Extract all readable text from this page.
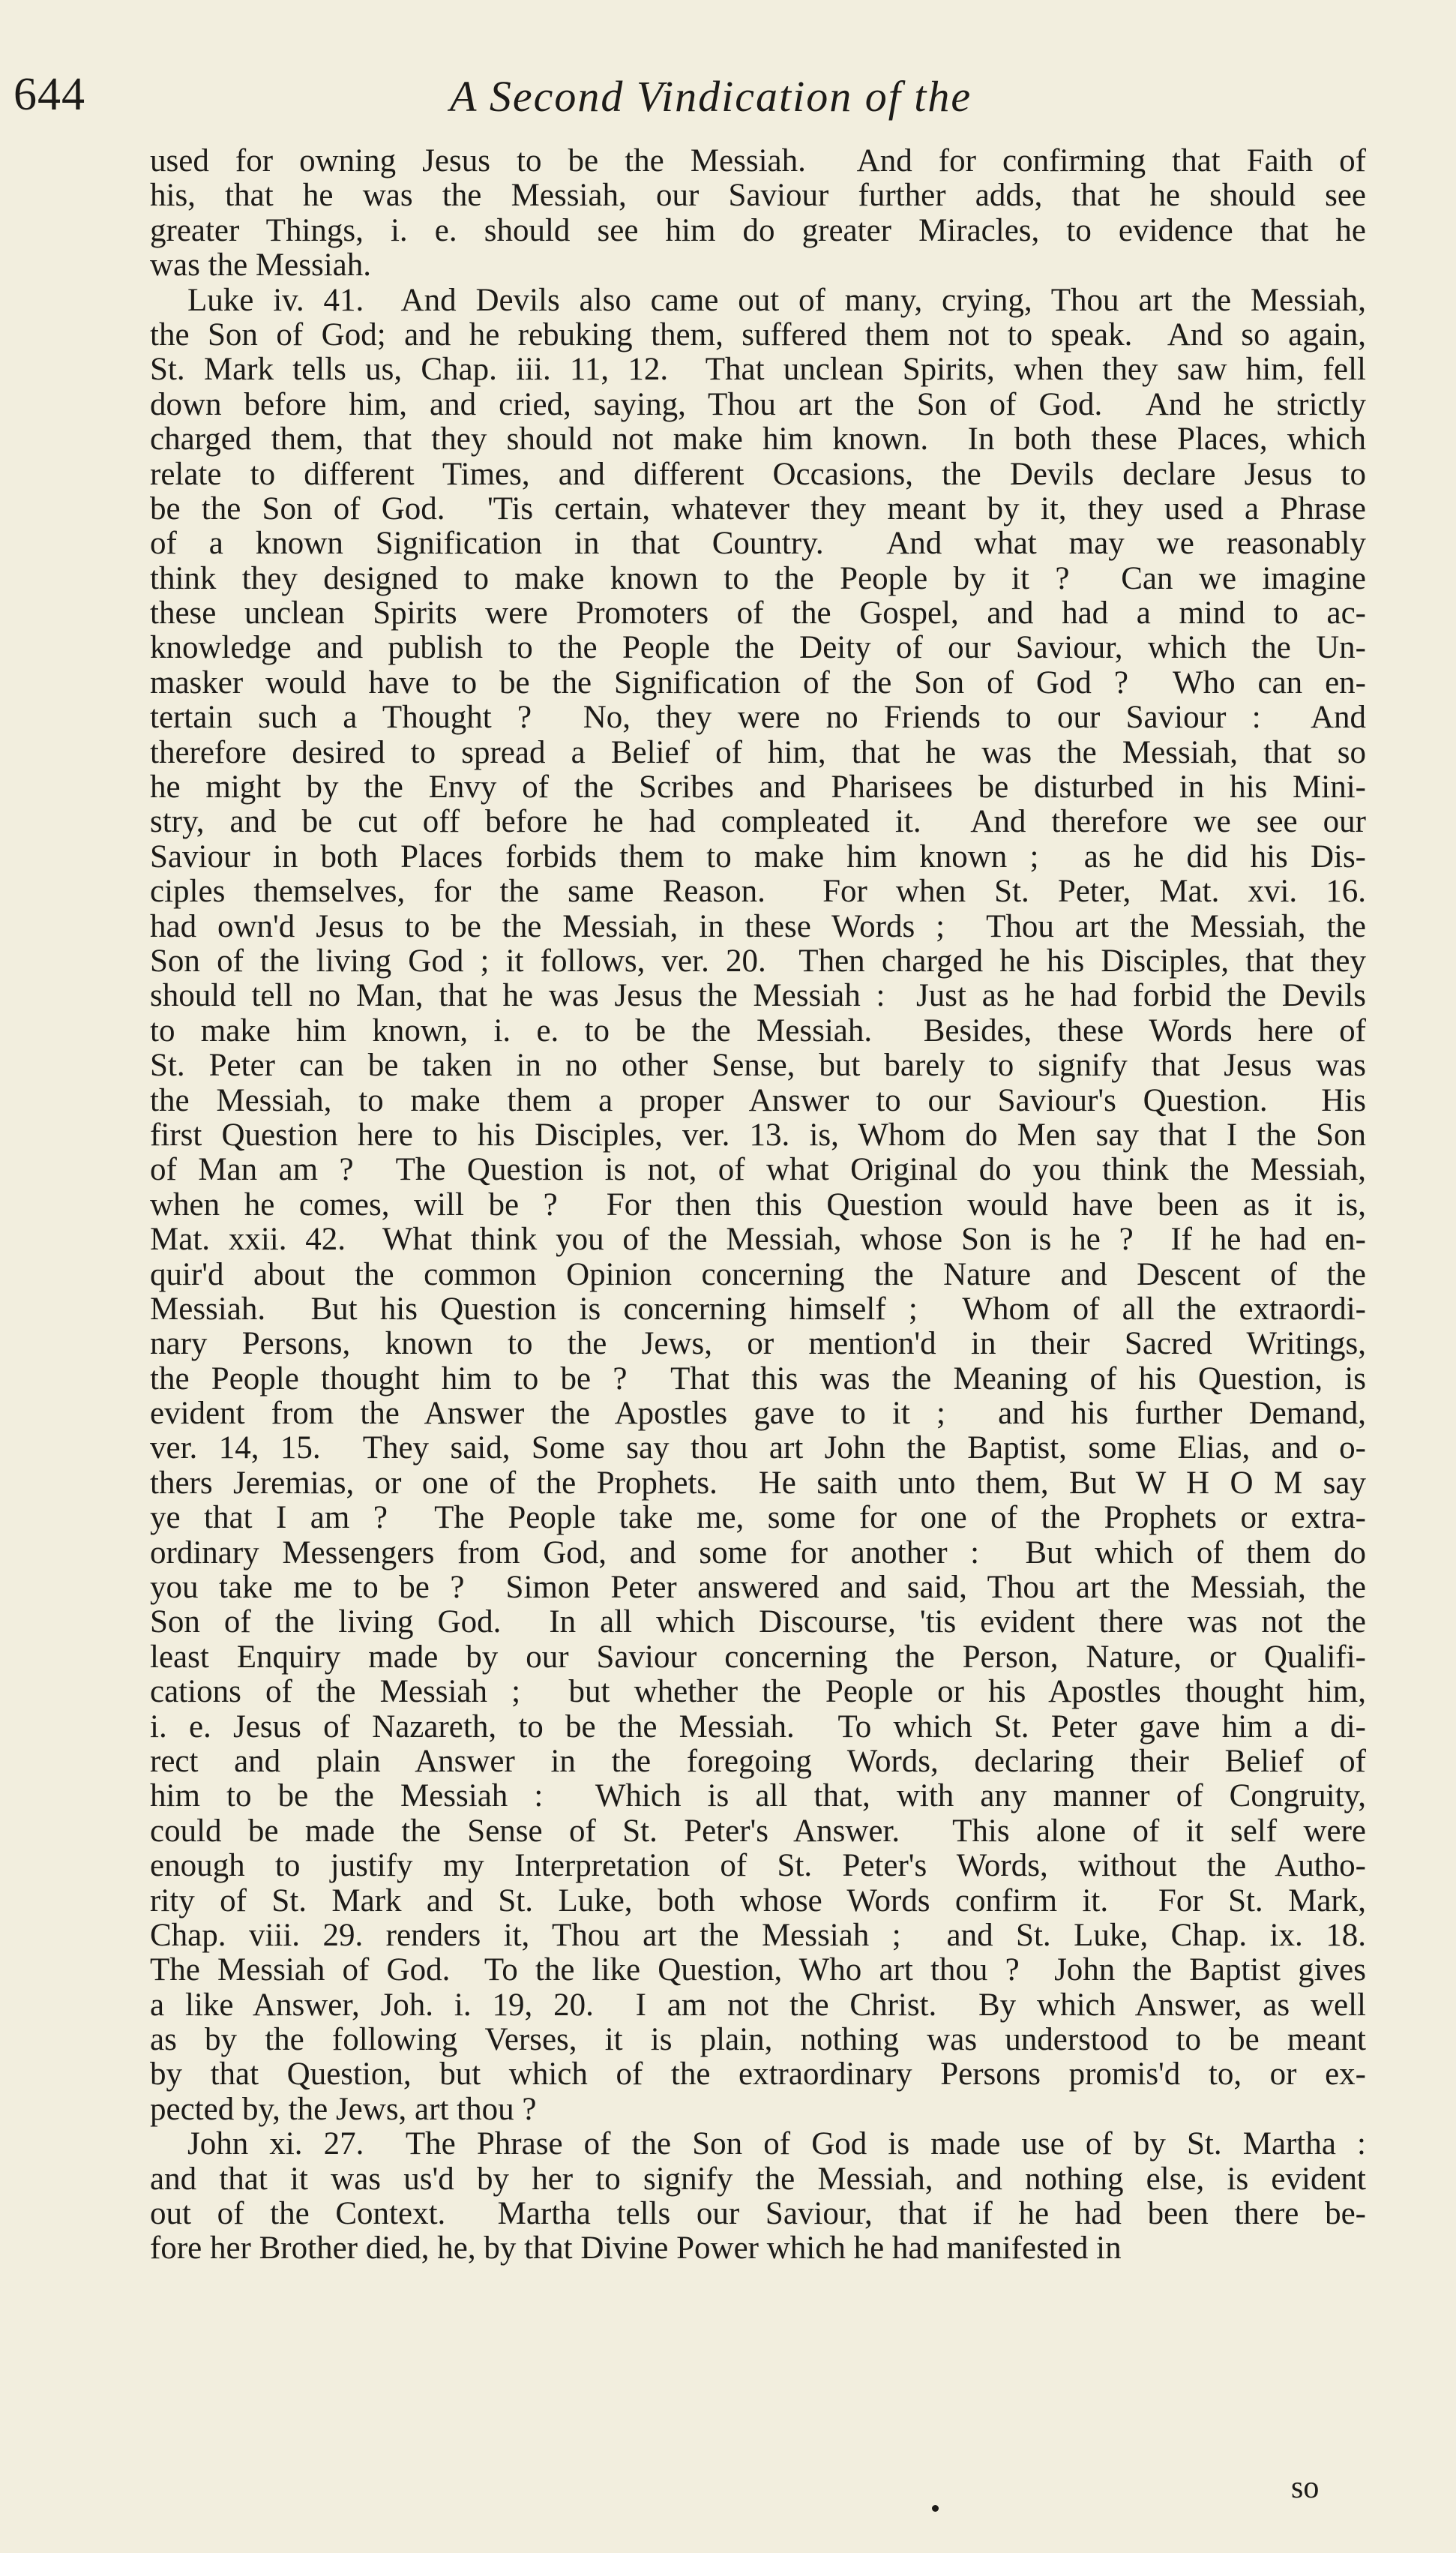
644	A Second Vindication of the
used for owning Jesus to be the Messiah.  And for confirming that Faith of
his, that he was the Messiah, our Saviour further adds, that he should see
greater Things, i. e. should see him do greater Miracles, to evidence that he
was the Messiah.
Luke iv. 41.  And Devils also came out of many, crying, Thou art the Messiah,
the Son of God; and he rebuking them, suffered them not to speak.  And so again,
St. Mark tells us, Chap. iii. 11, 12.  That unclean Spirits, when they saw him, fell
down before him, and cried, saying, Thou art the Son of God.  And he strictly
charged them, that they should not make him known.  In both these Places, which
relate to different Times, and different Occasions, the Devils declare Jesus to
be the Son of God.  'Tis certain, whatever they meant by it, they used a Phrase
of a known Signification in that Country.  And what may we reasonably
think they designed to make known to the People by it ?  Can we imagine
these unclean Spirits were Promoters of the Gospel, and had a mind to ac-
knowledge and publish to the People the Deity of our Saviour, which the Un-
masker would have to be the Signification of the Son of God ?  Who can en-
tertain such a Thought ?  No, they were no Friends to our Saviour :  And
therefore desired to spread a Belief of him, that he was the Messiah, that so
he might by the Envy of the Scribes and Pharisees be disturbed in his Mini-
stry, and be cut off before he had compleated it.  And therefore we see our
Saviour in both Places forbids them to make him known ;  as he did his Dis-
ciples themselves, for the same Reason.  For when St. Peter, Mat. xvi. 16.
had own'd Jesus to be the Messiah, in these Words ;  Thou art the Messiah, the
Son of the living God ; it follows, ver. 20.  Then charged he his Disciples, that they
should tell no Man, that he was Jesus the Messiah :  Just as he had forbid the Devils
to make him known, i. e. to be the Messiah.  Besides, these Words here of
St. Peter can be taken in no other Sense, but barely to signify that Jesus was
the Messiah, to make them a proper Answer to our Saviour's Question.  His
first Question here to his Disciples, ver. 13. is, Whom do Men say that I the Son
of Man am ?  The Question is not, of what Original do you think the Messiah,
when he comes, will be ?  For then this Question would have been as it is,
Mat. xxii. 42.  What think you of the Messiah, whose Son is he ?  If he had en-
quir'd about the common Opinion concerning the Nature and Descent of the
Messiah.  But his Question is concerning himself ;  Whom of all the extraordi-
nary Persons, known to the Jews, or mention'd in their Sacred Writings,
the People thought him to be ?  That this was the Meaning of his Question, is
evident from the Answer the Apostles gave to it ;  and his further Demand,
ver. 14, 15.  They said, Some say thou art John the Baptist, some Elias, and o-
thers Jeremias, or one of the Prophets.  He saith unto them, But W H O M say
ye that I am ?  The People take me, some for one of the Prophets or extra-
ordinary Messengers from God, and some for another :  But which of them do
you take me to be ?  Simon Peter answered and said, Thou art the Messiah, the
Son of the living God.  In all which Discourse, 'tis evident there was not the
least Enquiry made by our Saviour concerning the Person, Nature, or Qualifi-
cations of the Messiah ;  but whether the People or his Apostles thought him,
i. e. Jesus of Nazareth, to be the Messiah.  To which St. Peter gave him a di-
rect and plain Answer in the foregoing Words, declaring their Belief of
him to be the Messiah :  Which is all that, with any manner of Congruity,
could be made the Sense of St. Peter's Answer.  This alone of it self were
enough to justify my Interpretation of St. Peter's Words, without the Autho-
rity of St. Mark and St. Luke, both whose Words confirm it.  For St. Mark,
Chap. viii. 29. renders it, Thou art the Messiah ;  and St. Luke, Chap. ix. 18.
The Messiah of God.  To the like Question, Who art thou ?  John the Baptist gives
a like Answer, Joh. i. 19, 20.  I am not the Christ.  By which Answer, as well
as by the following Verses, it is plain, nothing was understood to be meant
by that Question, but which of the extraordinary Persons promis'd to, or ex-
pected by, the Jews, art thou ?
John xi. 27.  The Phrase of the Son of God is made use of by St. Martha :
and that it was us'd by her to signify the Messiah, and nothing else, is evident
out of the Context.  Martha tells our Saviour, that if he had been there be-
fore her Brother died, he, by that Divine Power which he had manifested in
so
